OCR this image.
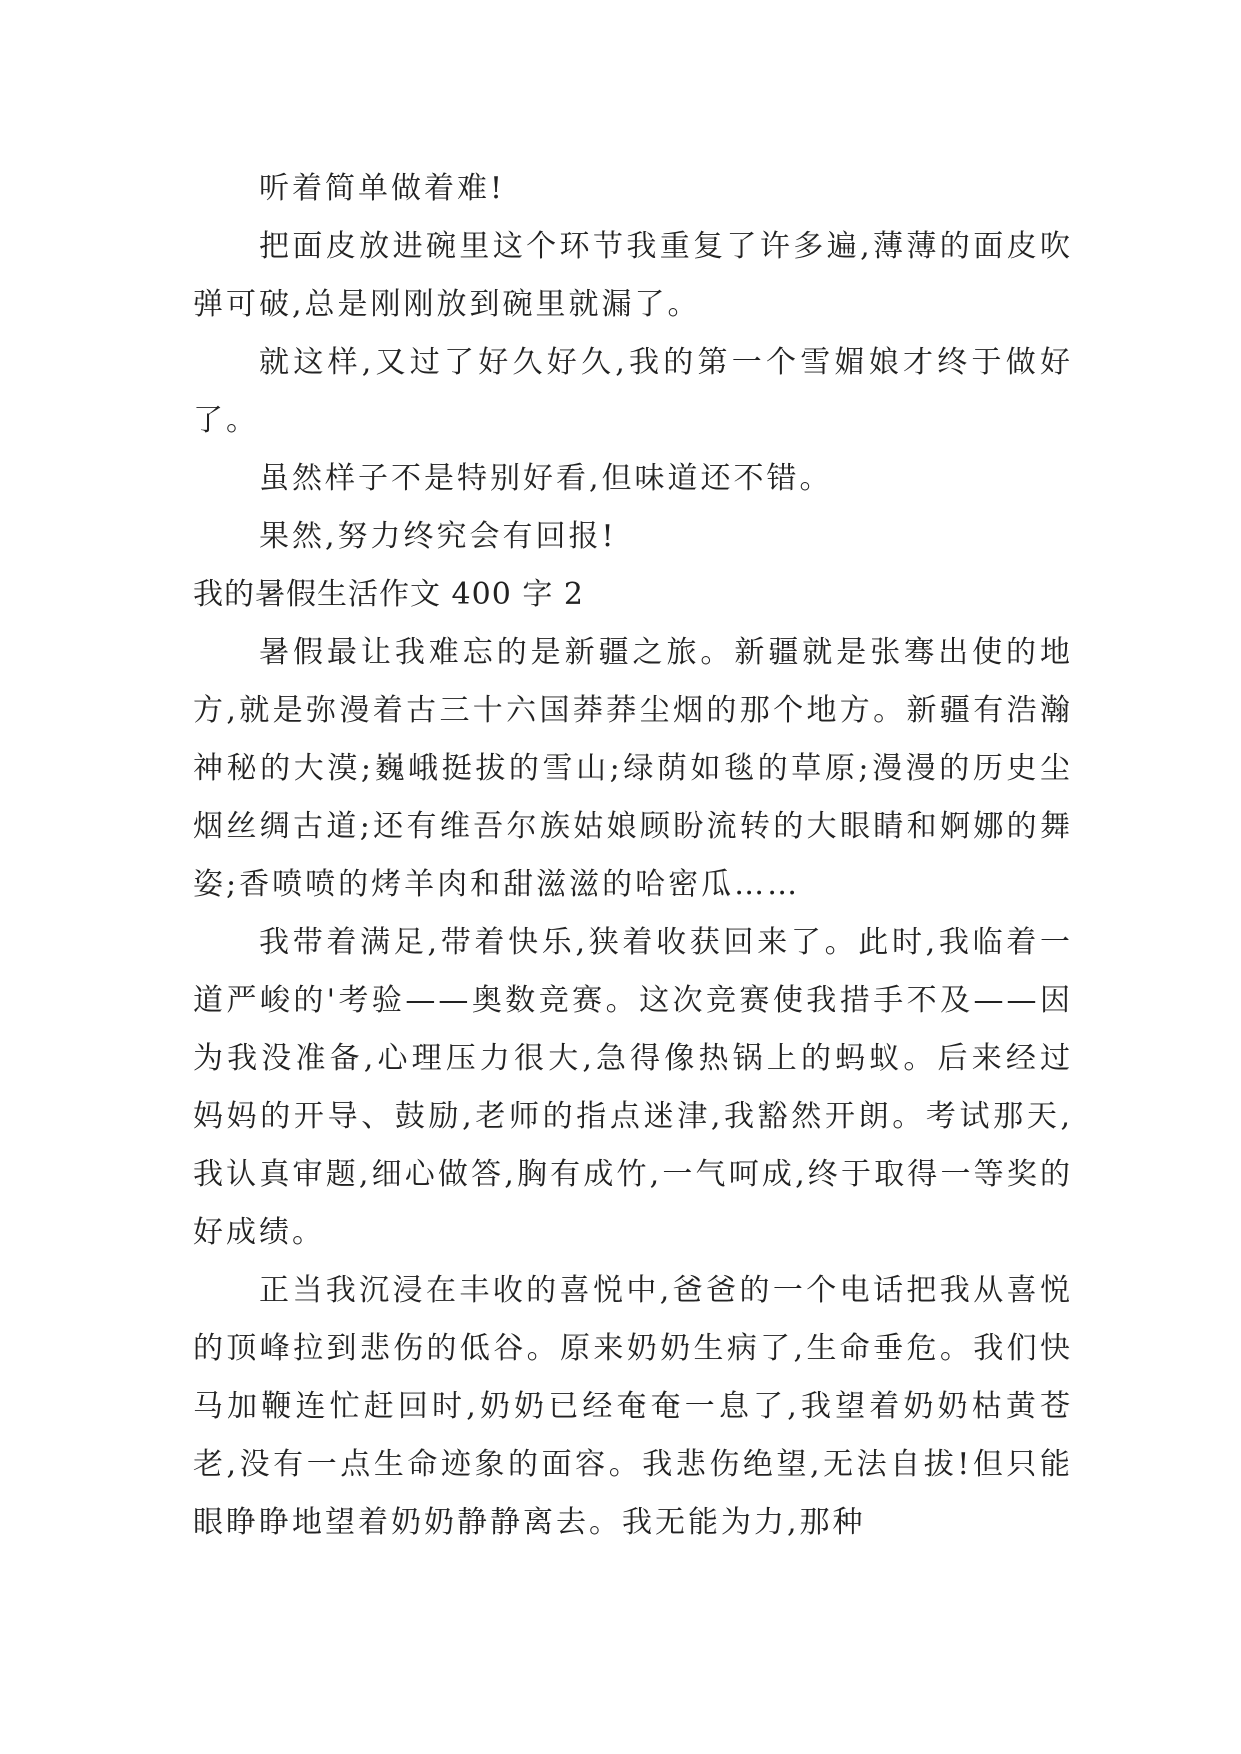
听着简单做着难!

把面皮放进碗里这个环节我重复了许多遍,薄薄的面皮吹弹可破,总是刚刚放到碗里就漏了。

就这样,又过了好久好久,我的第一个雪媚娘才终于做好了。

虽然样子不是特别好看,但味道还不错。

果然,努力终究会有回报!

我的暑假生活作文 400 字 2

暑假最让我难忘的是新疆之旅。新疆就是张骞出使的地方,就是弥漫着古三十六国莽莽尘烟的那个地方。新疆有浩瀚神秘的大漠;巍峨挺拔的雪山;绿荫如毯的草原;漫漫的历史尘烟丝绸古道;还有维吾尔族姑娘顾盼流转的大眼睛和婀娜的舞姿;香喷喷的烤羊肉和甜滋滋的哈密瓜……

我带着满足,带着快乐,狭着收获回来了。此时,我临着一道严峻的'考验——奥数竞赛。这次竞赛使我措手不及——因为我没准备,心理压力很大,急得像热锅上的蚂蚁。后来经过妈妈的开导、鼓励,老师的指点迷津,我豁然开朗。考试那天,我认真审题,细心做答,胸有成竹,一气呵成,终于取得一等奖的好成绩。

正当我沉浸在丰收的喜悦中,爸爸的一个电话把我从喜悦的顶峰拉到悲伤的低谷。原来奶奶生病了,生命垂危。我们快马加鞭连忙赶回时,奶奶已经奄奄一息了,我望着奶奶枯黄苍老,没有一点生命迹象的面容。我悲伤绝望,无法自拔!但只能眼睁睁地望着奶奶静静离去。我无能为力,那种
